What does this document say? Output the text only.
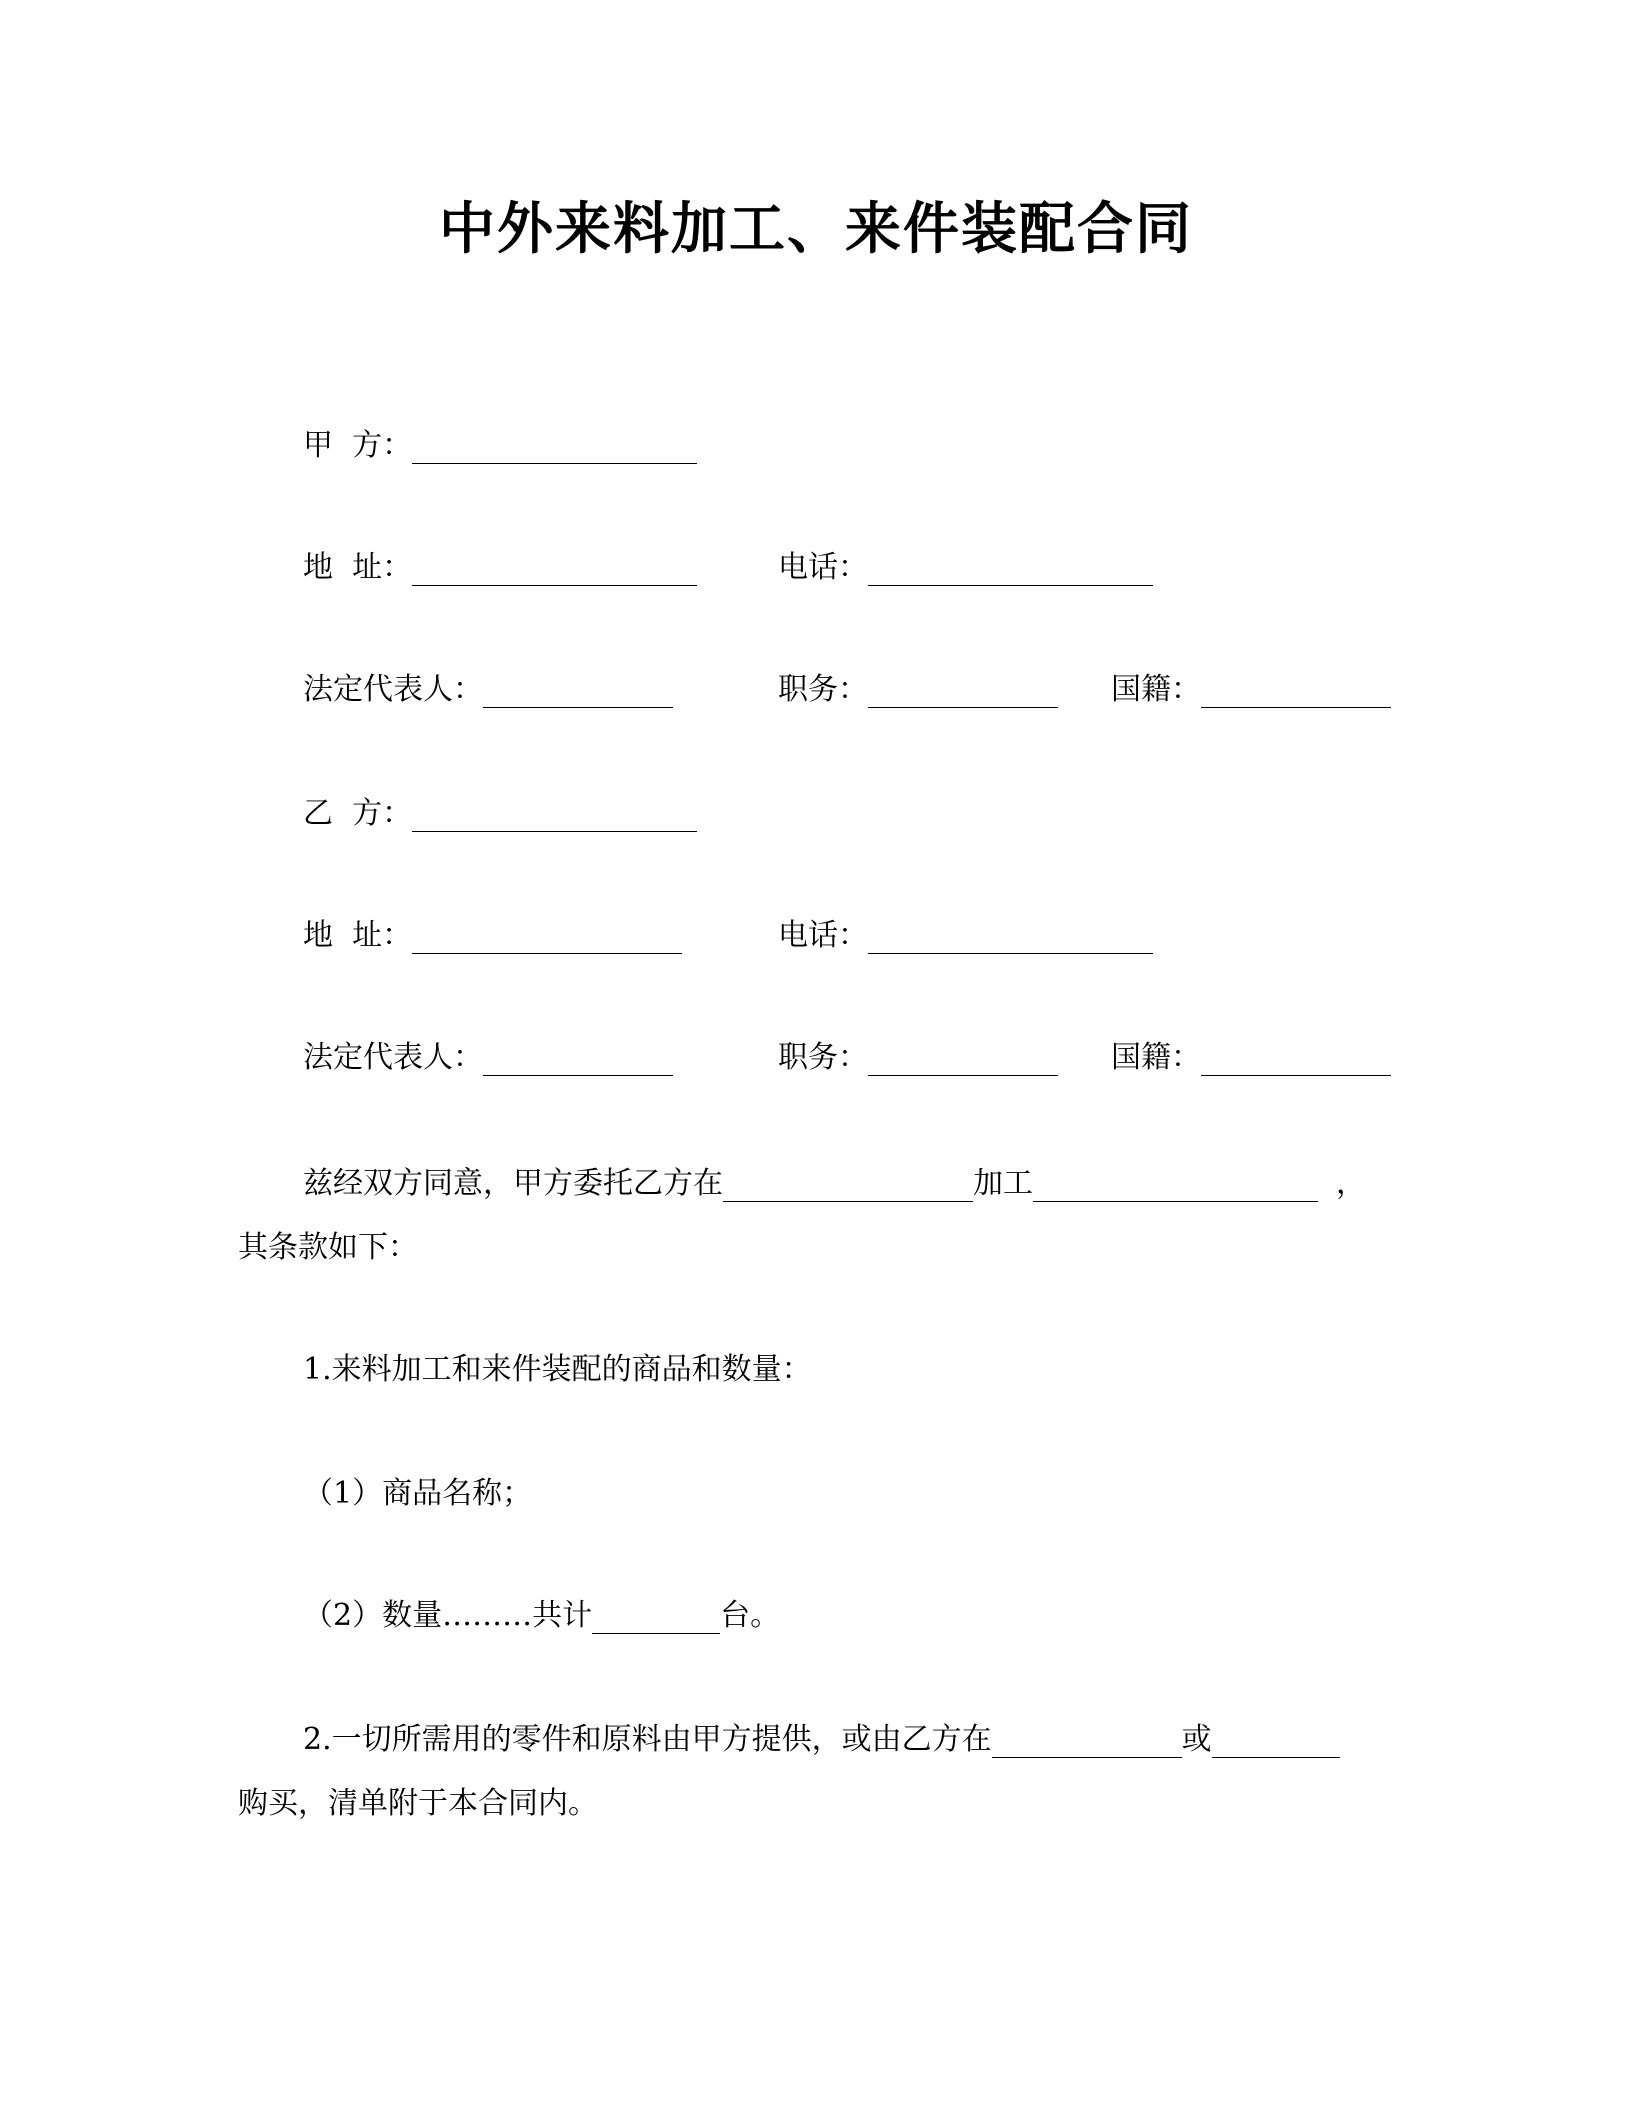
中外来料加工、来件装配合同
甲  方：
地  址：	电话：
法定代表人：	职务：	国籍：
乙  方：
地  址：	电话：
法定代表人：	职务：	国籍：
兹经双方同意，甲方委托乙方在	加工	，
其条款如下：
1.来料加工和来件装配的商品和数量：
（1）商品名称；
（2）数量………共计	台。
2.一切所需用的零件和原料由甲方提供，或由乙方在	或
购买，清单附于本合同内。
